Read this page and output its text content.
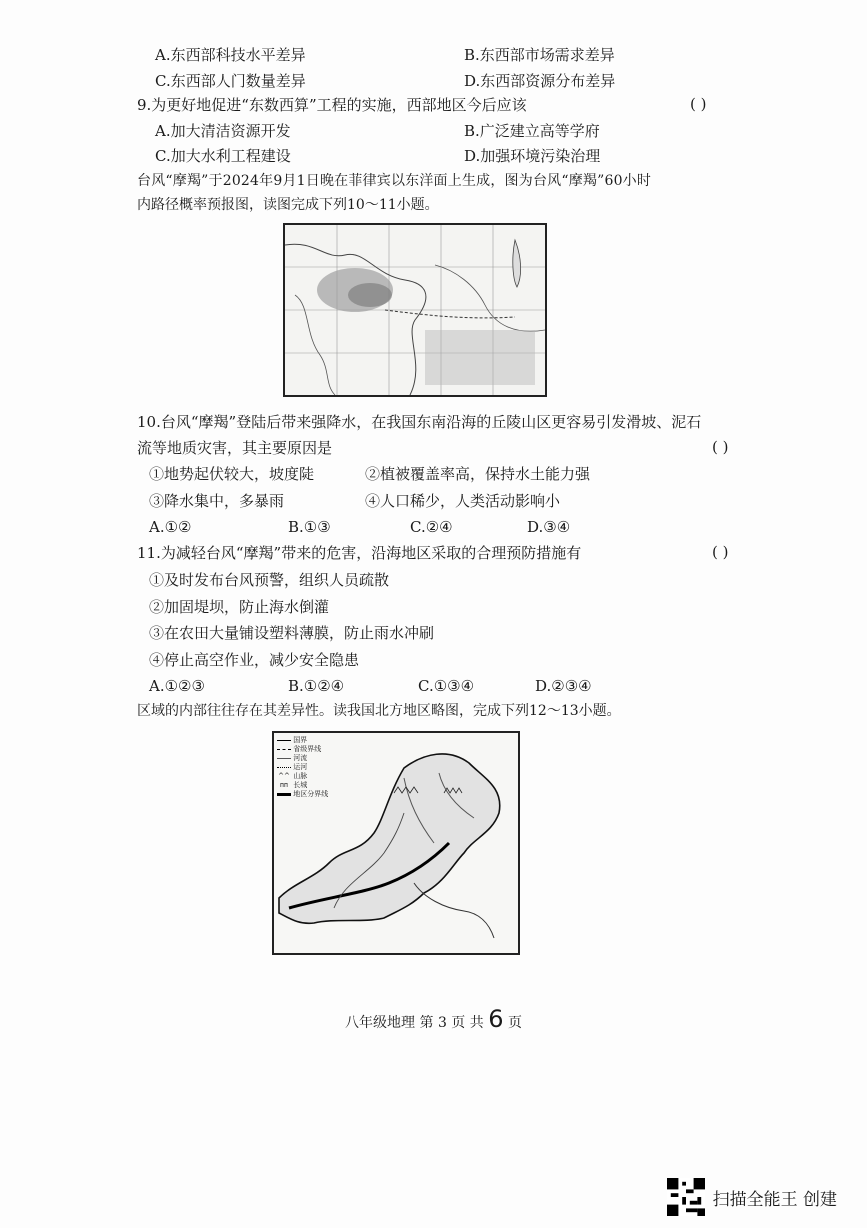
A.东西部科技水平差异	B.东西部市场需求差异
C.东西部人门数量差异	D.东西部资源分布差异
9.为更好地促进“东数西算”工程的实施，西部地区今后应该	( )
A.加大清洁资源开发	B.广泛建立高等学府
C.加大水利工程建设	D.加强环境污染治理
台风“摩羯”于2024年9月1日晚在菲律宾以东洋面上生成，图为台风“摩羯”60小时
内路径概率预报图，读图完成下列10～11小题。
10.台风“摩羯”登陆后带来强降水，在我国东南沿海的丘陵山区更容易引发滑坡、泥石
流等地质灾害，其主要原因是	( )
①地势起伏较大，坡度陡	②植被覆盖率高，保持水土能力强
③降水集中，多暴雨	④人口稀少，人类活动影响小
A.①②	B.①③	C.②④	D.③④
11.为减轻台风“摩羯”带来的危害，沿海地区采取的合理预防措施有	( )
①及时发布台风预警，组织人员疏散
②加固堤坝，防止海水倒灌
③在农田大量铺设塑料薄膜，防止雨水冲刷
④停止高空作业，减少安全隐患
A.①②③	B.①②④	C.①③④	D.②③④
区域的内部往往存在其差异性。读我国北方地区略图，完成下列12～13小题。
国界
省级界线
河流
运河
^^ 山脉
ᴨᴨ 长城
地区分界线
八年级地理 第 3 页 共 6 页
扫描全能王 创建
